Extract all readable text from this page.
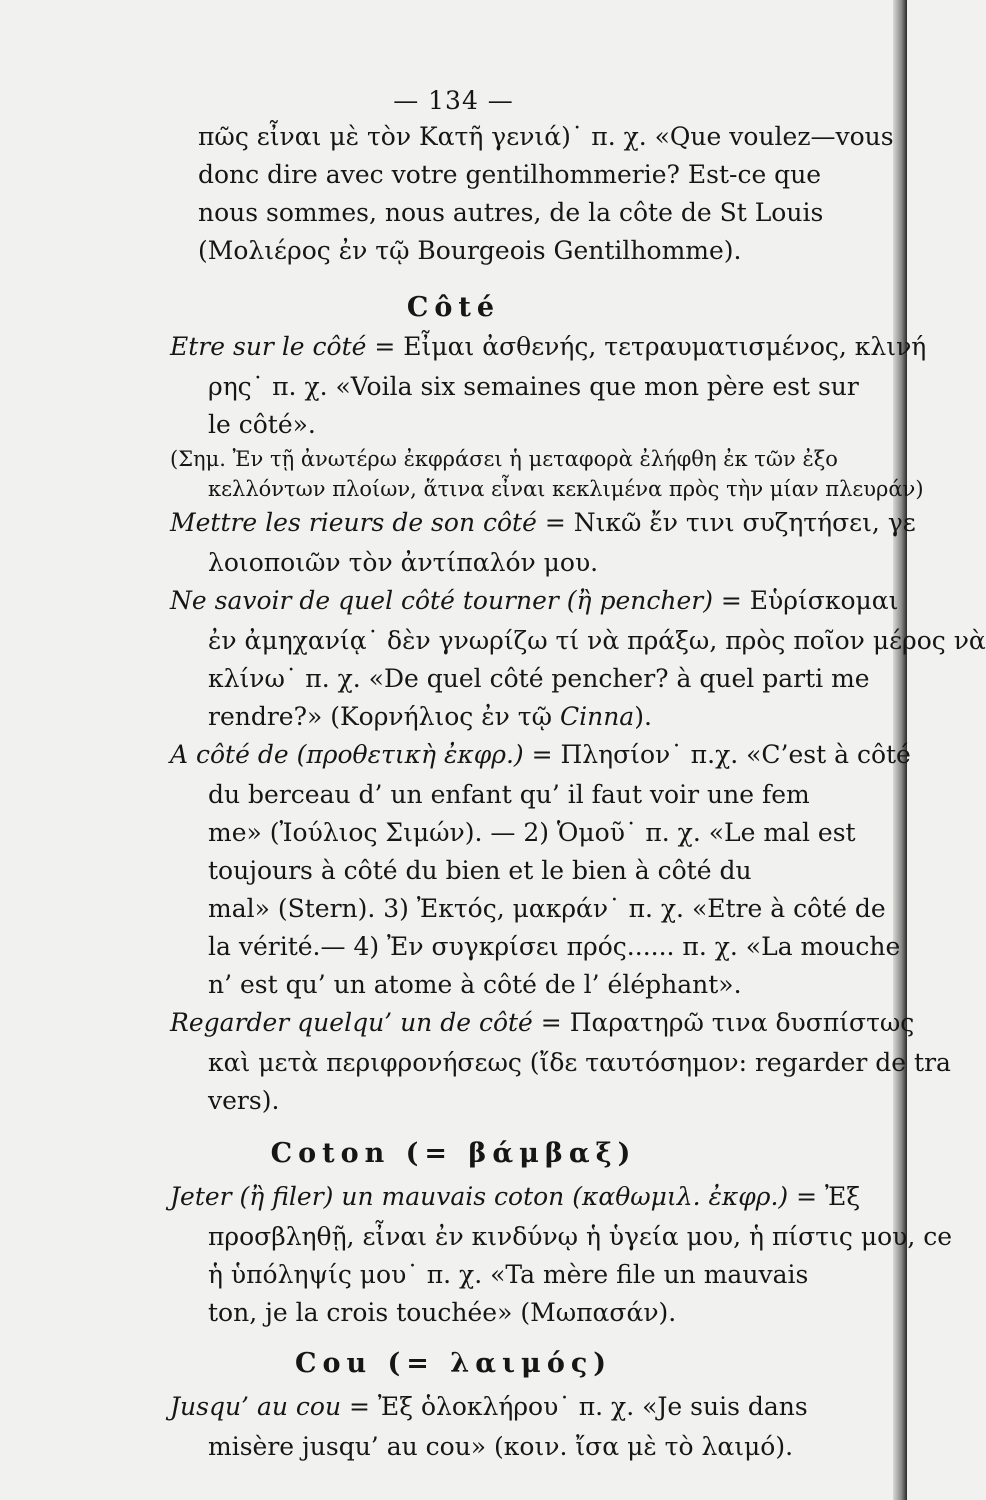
— 134 —
πῶς εἶναι μὲ τὸν Κατῆ γενιά)˙ π. χ. «Que voulez—vous
donc dire avec votre gentilhommerie? Est-ce que
nous sommes, nous autres, de la côte de St Louis
(Μολιέρος ἐν τῷ Bourgeois Gentilhomme).
Côté
Etre sur le côté = Εἶμαι ἀσθενής, τετραυματισμένος, κλινή
ρης˙ π. χ. «Voila six semaines que mon père est sur
le côté».
(Σημ. Ἐν τῇ ἀνωτέρω ἐκφράσει ἡ μεταφορὰ ἐλήφθη ἐκ τῶν ἐξο
κελλόντων πλοίων, ἅτινα εἶναι κεκλιμένα πρὸς τὴν μίαν πλευράν)
Mettre les rieurs de son côté = Νικῶ ἔν τινι συζητήσει, γε
λοιοποιῶν τὸν ἀντίπαλόν μου.
Ne savoir de quel côté tourner (ἢ pencher) = Εὑρίσκομαι
ἐν ἀμηχανίᾳ˙ δὲν γνωρίζω τί νὰ πράξω, πρὸς ποῖον μέρος νὰ
κλίνω˙ π. χ. «De quel côté pencher? à quel parti me
rendre?» (Κορνήλιος ἐν τῷ Cinna).
A côté de (προθετικὴ ἐκφρ.) = Πλησίον˙ π.χ. «C’est à côté
du berceau d’ un enfant qu’ il faut voir une fem
me» (Ἰούλιος Σιμών). — 2) Ὁμοῦ˙ π. χ. «Le mal est
toujours à côté du bien et le bien à côté du
mal» (Stern). 3) Ἐκτός, μακράν˙ π. χ. «Etre à côté de
la vérité.— 4) Ἐν συγκρίσει πρός...... π. χ. «La mouche
n’ est qu’ un atome à côté de l’ éléphant».
Regarder quelqu’ un de côté = Παρατηρῶ τινα δυσπίστως
καὶ μετὰ περιφρονήσεως (ἴδε ταυτόσημον: regarder de tra
vers).
Coton (= βάμβαξ)
Jeter (ἢ filer) un mauvais coton (καθωμιλ. ἐκφρ.) = Ἐξ
προσβληθῇ, εἶναι ἐν κινδύνῳ ἡ ὑγεία μου, ἡ πίστις μου, ce
ἡ ὑπόληψίς μου˙ π. χ. «Ta mère file un mauvais
ton, je la crois touchée» (Μωπασάν).
Cou (= λαιμός)
Jusqu’ au cou = Ἐξ ὁλοκλήρου˙ π. χ. «Je suis dans
misère jusqu’ au cou» (κοιν. ἴσα μὲ τὸ λαιμό).
